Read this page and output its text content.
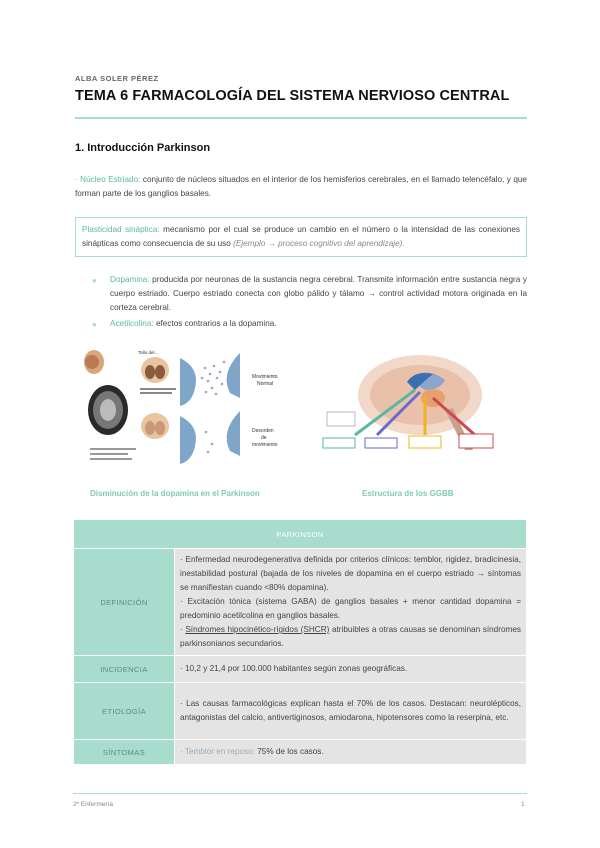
ALBA SOLER PÉREZ
TEMA 6 FARMACOLOGÍA DEL SISTEMA NERVIOSO CENTRAL
1. Introducción Parkinson
· Núcleo Estriado: conjunto de núcleos situados en el interior de los hemisferios cerebrales, en el llamado telencéfalo, y que forman parte de los ganglios basales.
Plasticidad sináptica: mecanismo por el cual se produce un cambio en el número o la intensidad de las conexiones sinápticas como consecuencia de su uso (Ejemplo → proceso cognitivo del aprendizaje).
● Dopamina: producida por neuronas de la sustancia negra cerebral. Transmite información entre sustancia negra y cuerpo estriado. Cuerpo estriado conecta con globo pálido y tálamo → control actividad motora originada en la corteza cerebral.
● Acetilcolina: efectos contrarios a la dopamina.
Tallo del...
Movimiento
Normal
Desorden
de
movimiento
Disminución de la dopamina en el Parkinson	Estructura de los GGBB
PARKINSON	
DEFINICIÓN	· Enfermedad neurodegenerativa definida por criterios clínicos: temblor, rigidez, bradicinesia, inestabilidad postural (bajada de los niveles de dopamina en el cuerpo estriado → síntomas se manifiestan cuando <80% dopamina).
· Excitación tónica (sistema GABA) de ganglios basales + menor cantidad dopamina = predominio acetilcolina en ganglios basales.
· Síndromes hipocinético-rígidos (SHCR) atribuibles a otras causas se denominan síndromes parkinsonianos secundarios.

INCIDENCIA	· 10,2 y 21,4 por 100.000 habitantes según zonas geográficas.
ETIOLOGÍA	· Las causas farmacológicas explican hasta el 70% de los casos. Destacan: neurolépticos, antagonistas del calcio, antivertiginosos, amiodarona, hipotensores como la reserpina, etc.
SÍNTOMAS	· Temblor en reposo: 75% de los casos.
2º Enfermería	1
